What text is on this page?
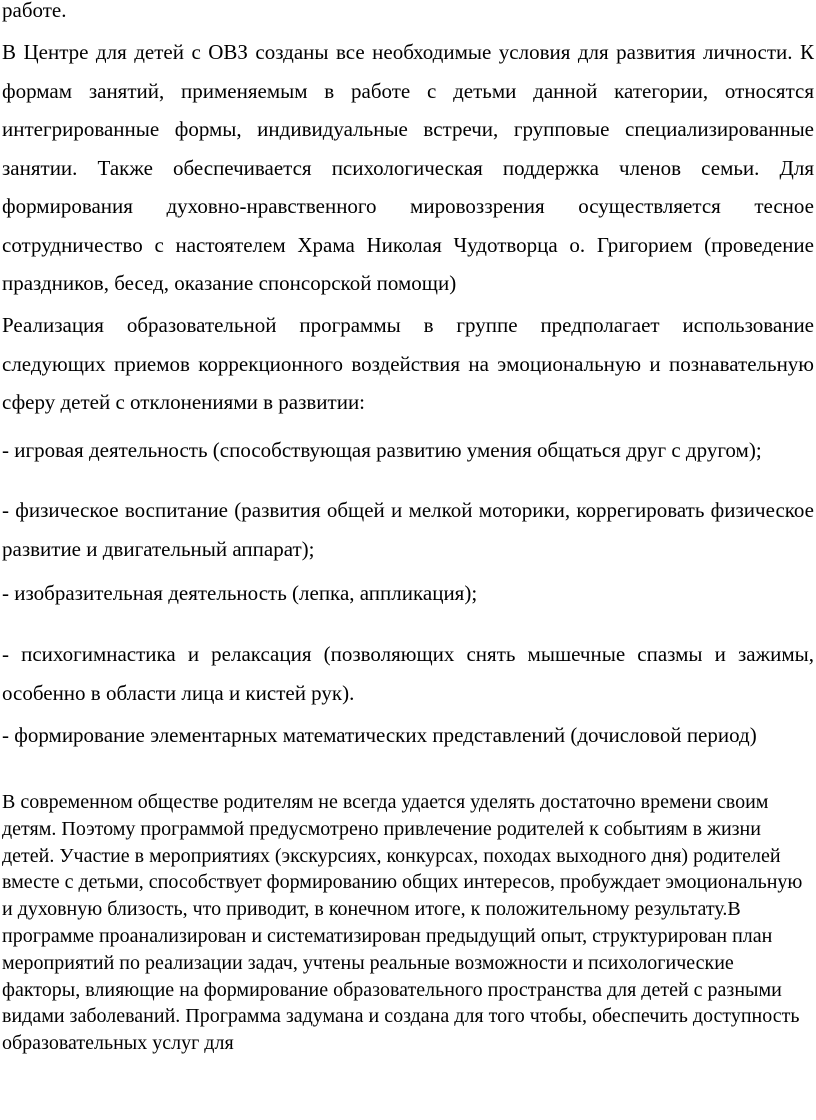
работе.

В Центре для детей с ОВЗ созданы все необходимые условия для развития личности. К формам занятий, применяемым в работе с детьми данной категории, относятся интегрированные формы, индивидуальные встречи, групповые специализированные занятии. Также обеспечивается психологическая поддержка членов семьи. Для формирования духовно-нравственного мировоззрения осуществляется тесное сотрудничество с настоятелем Храма Николая Чудотворца о. Григорием (проведение праздников, бесед, оказание спонсорской помощи)

Реализация образовательной программы в группе предполагает использование следующих приемов коррекционного воздействия на эмоциональную и познавательную сферу детей с отклонениями в развитии:

- игровая деятельность (способствующая развитию умения общаться друг с другом);

- физическое воспитание (развития общей и мелкой моторики, коррегировать физическое развитие и двигательный аппарат);

- изобразительная деятельность (лепка, аппликация);

- психогимнастика и релаксация (позволяющих снять мышечные спазмы и зажимы, особенно в области лица и кистей рук).

- формирование элементарных математических представлений (дочисловой период)

В современном обществе родителям не всегда удается уделять достаточно времени своим детям. Поэтому программой предусмотрено привлечение родителей к событиям в жизни детей. Участие в мероприятиях (экскурсиях, конкурсах, походах выходного дня) родителей вместе с детьми, способствует формированию общих интересов, пробуждает эмоциональную и духовную близость, что приводит, в конечном итоге, к положительному результату.В программе проанализирован и систематизирован предыдущий опыт, структурирован план мероприятий по реализации задач, учтены реальные возможности и психологические факторы, влияющие на формирование образовательного пространства для детей с разными видами заболеваний. Программа задумана и создана для того чтобы, обеспечить доступность образовательных услуг для
